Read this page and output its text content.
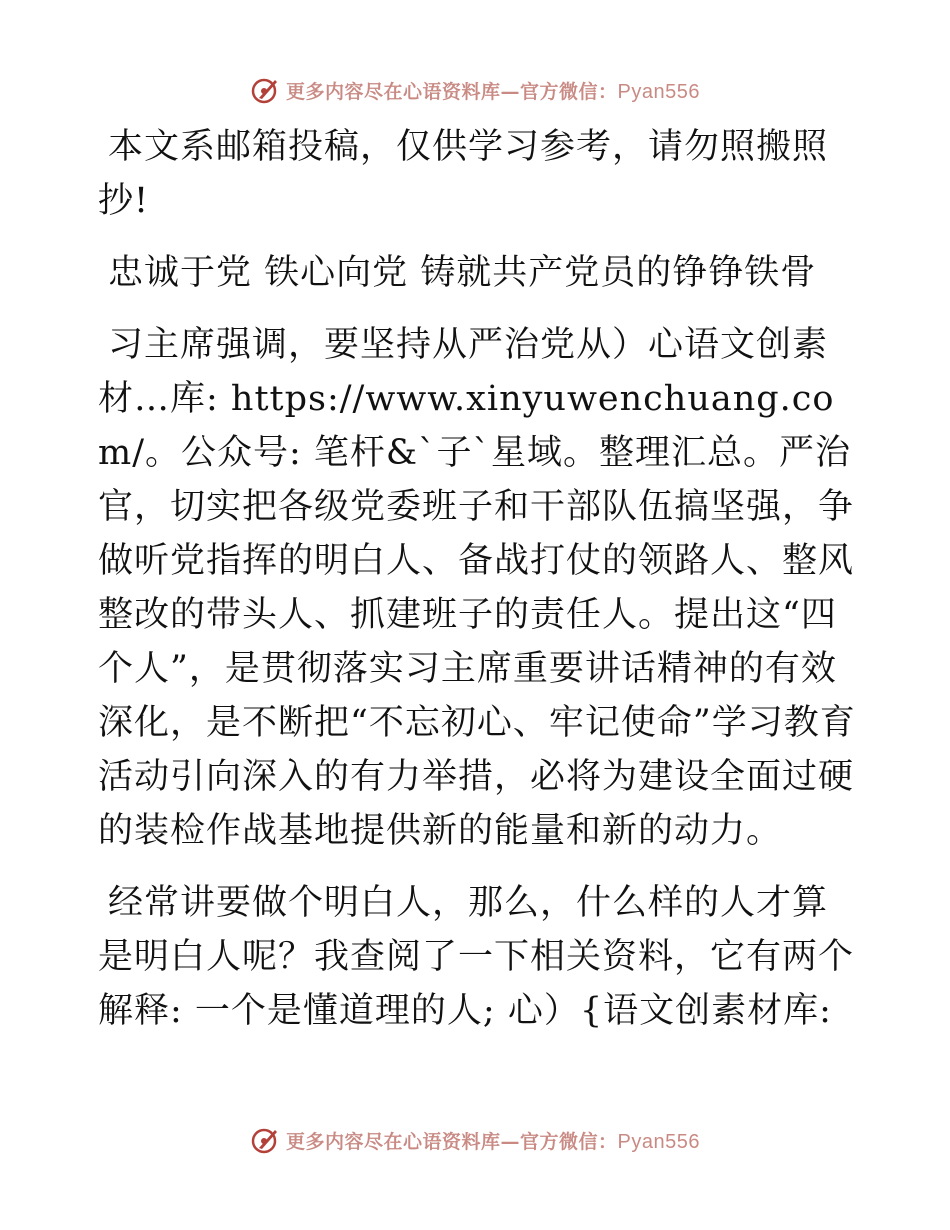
更多内容尽在心语资料库—官方微信：Pyan556

本文系邮箱投稿，仅供学习参考，请勿照搬照抄!

忠诚于党 铁心向党 铸就共产党员的铮铮铁骨

习主席强调，要坚持从严治党从）心语文创素材…库: https://www.xinyuwenchuang.com/。公众号: 笔杆&`子`星域。整理汇总。严治官，切实把各级党委班子和干部队伍搞坚强，争做听党指挥的明白人、备战打仗的领路人、整风整改的带头人、抓建班子的责任人。提出这“四个人”，是贯彻落实习主席重要讲话精神的有效深化，是不断把“不忘初心、牢记使命”学习教育活动引向深入的有力举措，必将为建设全面过硬的装检作战基地提供新的能量和新的动力。

经常讲要做个明白人，那么，什么样的人才算是明白人呢？我查阅了一下相关资料，它有两个解释: 一个是懂道理的人; 心）{语文创素材库:

更多内容尽在心语资料库—官方微信：Pyan556
